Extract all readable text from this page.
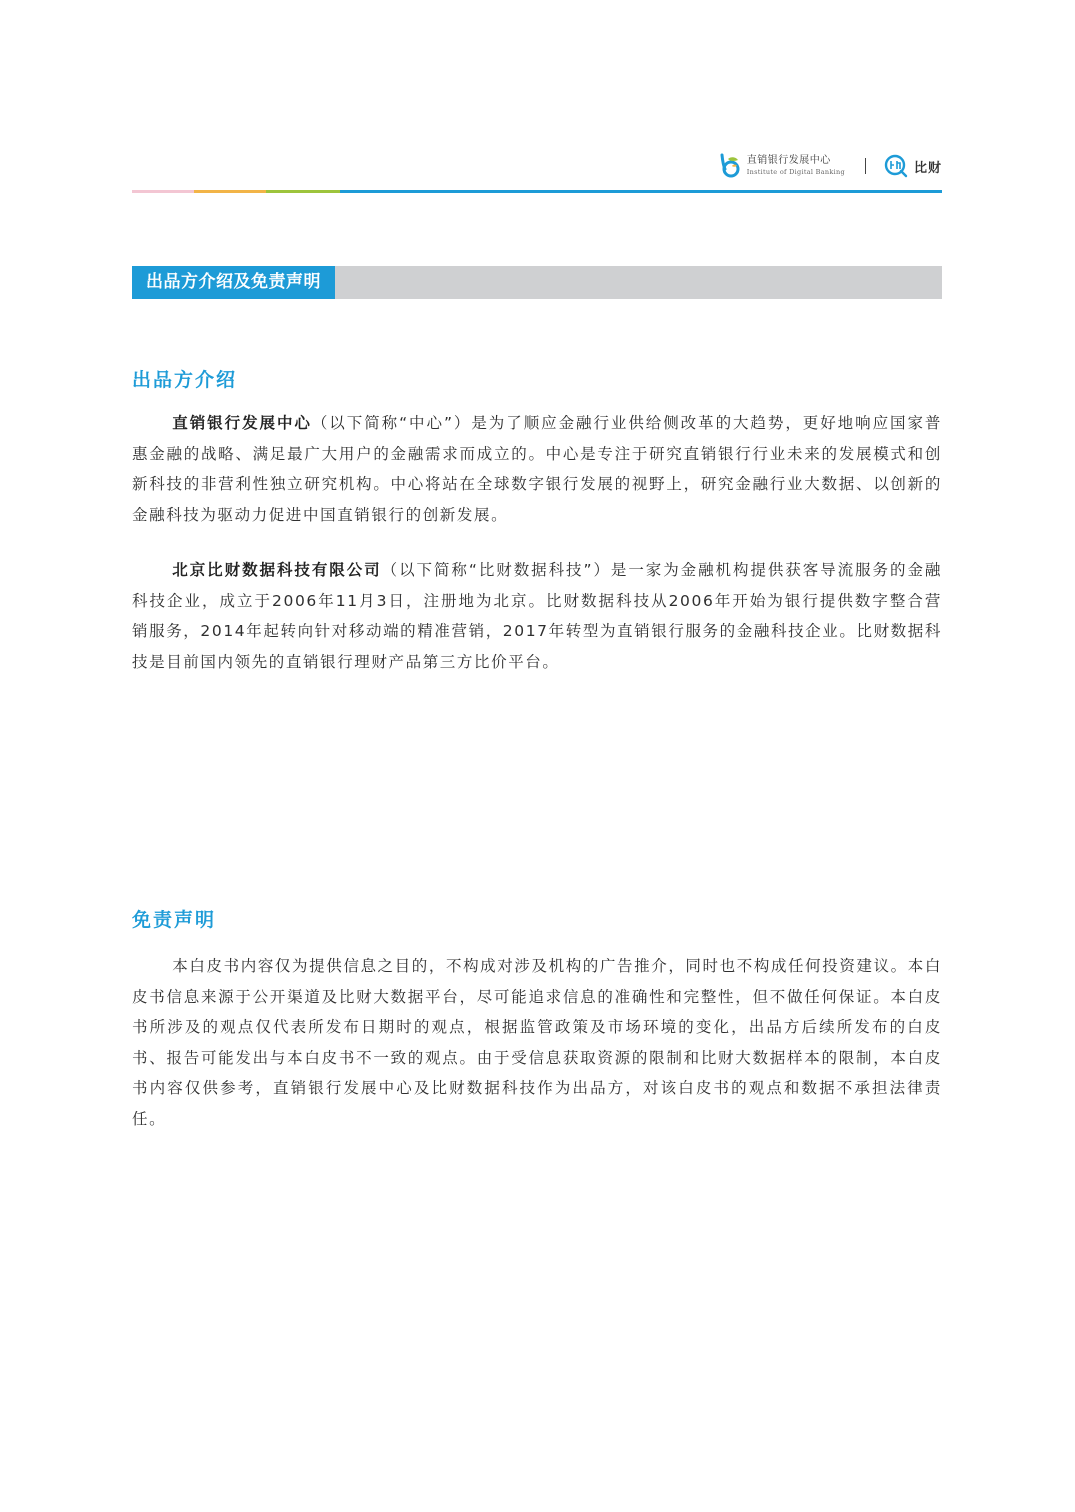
直销银行发展中心
Institute of Digital Banking	比财
出品方介绍及免责声明
出品方介绍

直销银行发展中心（以下简称“中心”）是为了顺应金融行业供给侧改革的大趋势，更好地响应国家普惠金融的战略、满足最广大用户的金融需求而成立的。中心是专注于研究直销银行行业未来的发展模式和创新科技的非营利性独立研究机构。中心将站在全球数字银行发展的视野上，研究金融行业大数据、以创新的金融科技为驱动力促进中国直销银行的创新发展。

北京比财数据科技有限公司（以下简称“比财数据科技”）是一家为金融机构提供获客导流服务的金融科技企业，成立于2006年11月3日，注册地为北京。比财数据科技从2006年开始为银行提供数字整合营销服务，2014年起转向针对移动端的精准营销，2017年转型为直销银行服务的金融科技企业。比财数据科技是目前国内领先的直销银行理财产品第三方比价平台。

免责声明

本白皮书内容仅为提供信息之目的，不构成对涉及机构的广告推介，同时也不构成任何投资建议。本白皮书信息来源于公开渠道及比财大数据平台，尽可能追求信息的准确性和完整性，但不做任何保证。本白皮书所涉及的观点仅代表所发布日期时的观点，根据监管政策及市场环境的变化，出品方后续所发布的白皮书、报告可能发出与本白皮书不一致的观点。由于受信息获取资源的限制和比财大数据样本的限制，本白皮书内容仅供参考，直销银行发展中心及比财数据科技作为出品方，对该白皮书的观点和数据不承担法律责任。
